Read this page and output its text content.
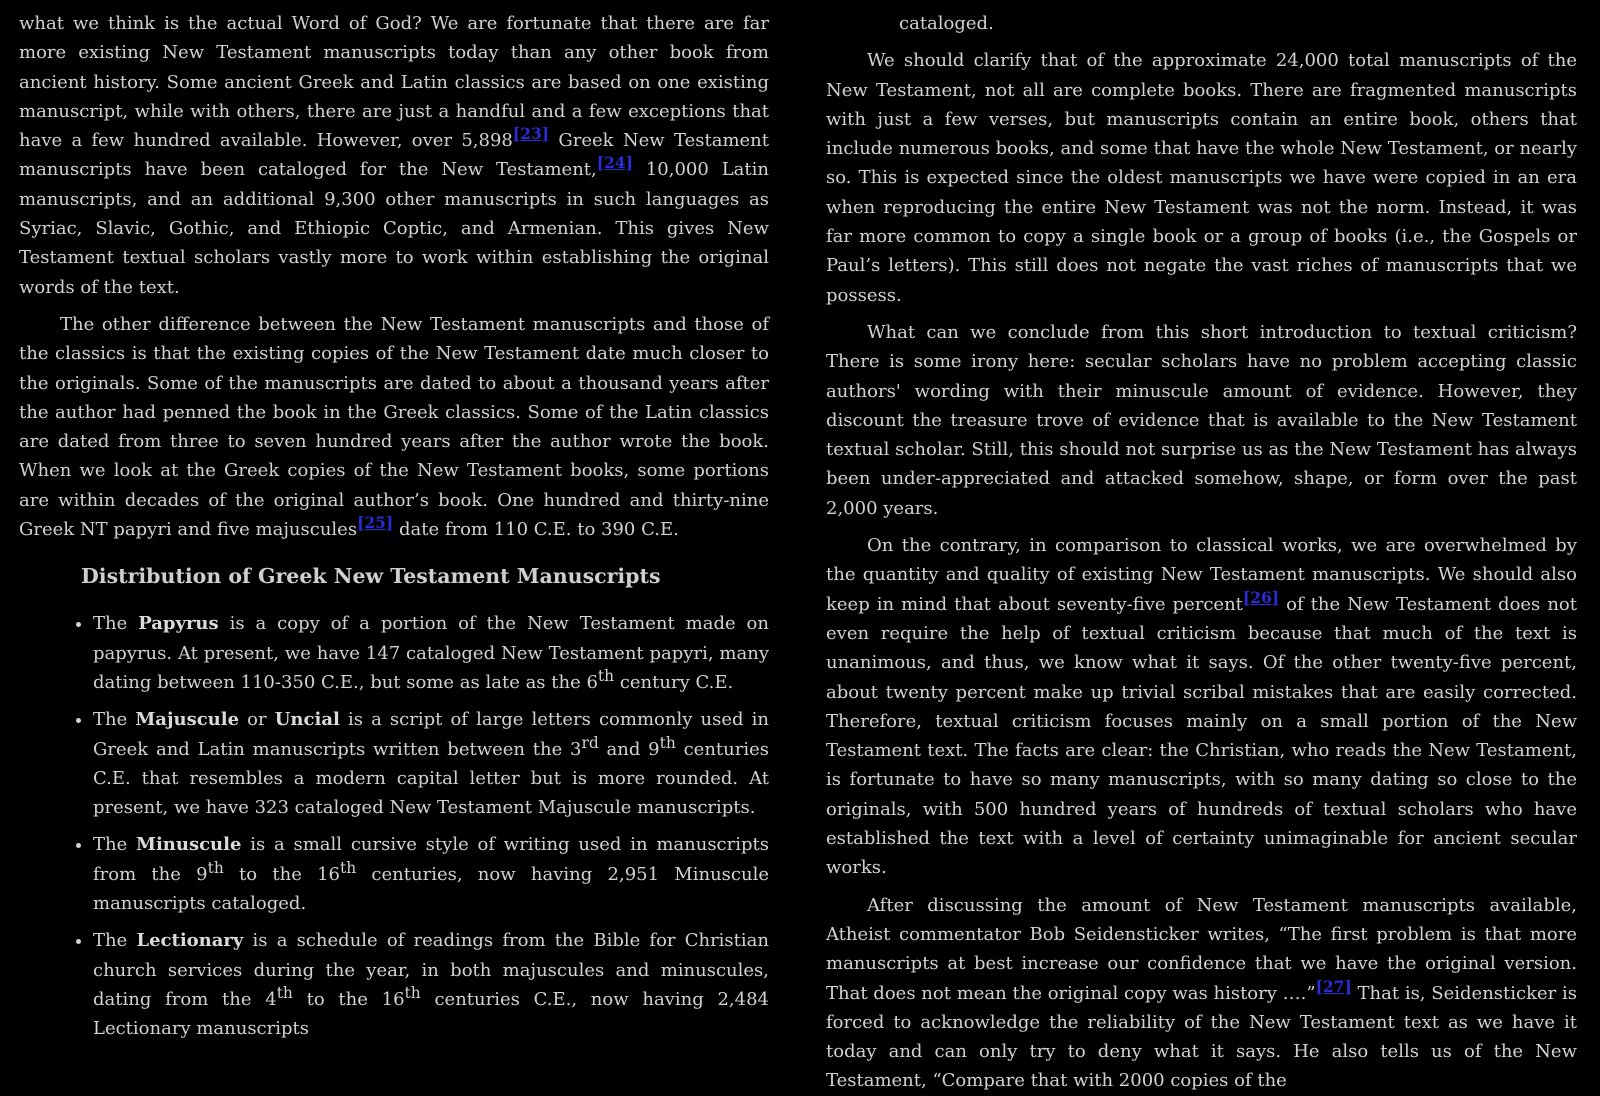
what we think is the actual Word of God? We are fortunate that there are far more existing New Testament manuscripts today than any other book from ancient history. Some ancient Greek and Latin classics are based on one existing manuscript, while with others, there are just a handful and a few exceptions that have a few hundred available. However, over 5,898[23] Greek New Testament manuscripts have been cataloged for the New Testament,[24] 10,000 Latin manuscripts, and an additional 9,300 other manuscripts in such languages as Syriac, Slavic, Gothic, and Ethiopic Coptic, and Armenian. This gives New Testament textual scholars vastly more to work within establishing the original words of the text.

The other difference between the New Testament manuscripts and those of the classics is that the existing copies of the New Testament date much closer to the originals. Some of the manuscripts are dated to about a thousand years after the author had penned the book in the Greek classics. Some of the Latin classics are dated from three to seven hundred years after the author wrote the book. When we look at the Greek copies of the New Testament books, some portions are within decades of the original author’s book. One hundred and thirty-nine Greek NT papyri and five majuscules[25] date from 110 C.E. to 390 C.E.

Distribution of Greek New Testament Manuscripts
• The Papyrus is a copy of a portion of the New Testament made on papyrus. At present, we have 147 cataloged New Testament papyri, many dating between 110-350 C.E., but some as late as the 6th century C.E.
• The Majuscule or Uncial is a script of large letters commonly used in Greek and Latin manuscripts written between the 3rd and 9th centuries C.E. that resembles a modern capital letter but is more rounded. At present, we have 323 cataloged New Testament Majuscule manuscripts.
• The Minuscule is a small cursive style of writing used in manuscripts from the 9th to the 16th centuries, now having 2,951 Minuscule manuscripts cataloged.
• The Lectionary is a schedule of readings from the Bible for Christian church services during the year, in both majuscules and minuscules, dating from the 4th to the 16th centuries C.E., now having 2,484 Lectionary manuscripts

cataloged.

We should clarify that of the approximate 24,000 total manuscripts of the New Testament, not all are complete books. There are fragmented manuscripts with just a few verses, but manuscripts contain an entire book, others that include numerous books, and some that have the whole New Testament, or nearly so. This is expected since the oldest manuscripts we have were copied in an era when reproducing the entire New Testament was not the norm. Instead, it was far more common to copy a single book or a group of books (i.e., the Gospels or Paul’s letters). This still does not negate the vast riches of manuscripts that we possess.

What can we conclude from this short introduction to textual criticism? There is some irony here: secular scholars have no problem accepting classic authors' wording with their minuscule amount of evidence. However, they discount the treasure trove of evidence that is available to the New Testament textual scholar. Still, this should not surprise us as the New Testament has always been under-appreciated and attacked somehow, shape, or form over the past 2,000 years.

On the contrary, in comparison to classical works, we are overwhelmed by the quantity and quality of existing New Testament manuscripts. We should also keep in mind that about seventy-five percent[26] of the New Testament does not even require the help of textual criticism because that much of the text is unanimous, and thus, we know what it says. Of the other twenty-five percent, about twenty percent make up trivial scribal mistakes that are easily corrected. Therefore, textual criticism focuses mainly on a small portion of the New Testament text. The facts are clear: the Christian, who reads the New Testament, is fortunate to have so many manuscripts, with so many dating so close to the originals, with 500 hundred years of hundreds of textual scholars who have established the text with a level of certainty unimaginable for ancient secular works.

After discussing the amount of New Testament manuscripts available, Atheist commentator Bob Seidensticker writes, “The first problem is that more manuscripts at best increase our confidence that we have the original version. That does not mean the original copy was history ….”[27] That is, Seidensticker is forced to acknowledge the reliability of the New Testament text as we have it today and can only try to deny what it says. He also tells us of the New Testament, “Compare that with 2000 copies of the
